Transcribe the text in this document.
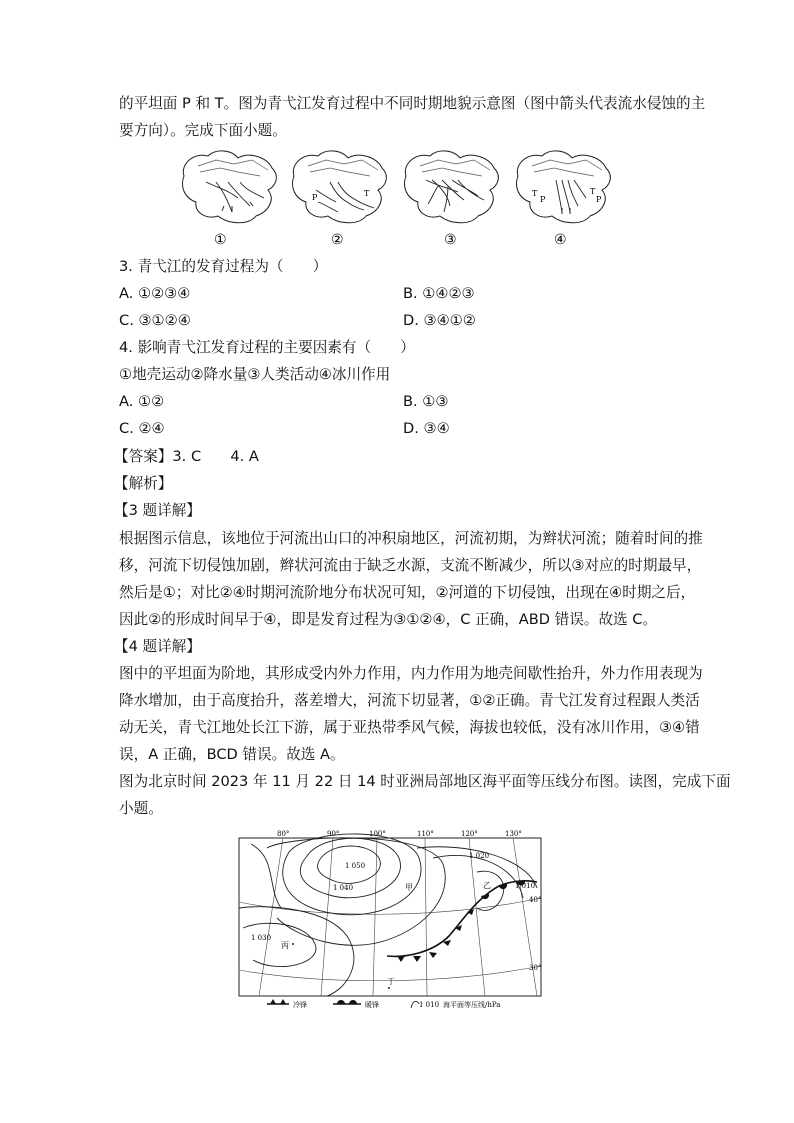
的平坦面 P 和 T。图为青弋江发育过程中不同时期地貌示意图（图中箭头代表流水侵蚀的主
要方向）。完成下面小题。
P	T	T
P
T
P
①	②	③	④
3. 青弋江的发育过程为（　　）
A. ①②③④	B. ①④②③
C. ③①②④	D. ③④①②
4. 影响青弋江发育过程的主要因素有（　　）
①地壳运动②降水量③人类活动④冰川作用
A. ①②	B. ①③
C. ②④	D. ③④
【答案】3. C　　4. A
【解析】
【3 题详解】
根据图示信息，该地位于河流出山口的冲积扇地区，河流初期，为辫状河流；随着时间的推
移，河流下切侵蚀加剧，辫状河流由于缺乏水源，支流不断减少，所以③对应的时期最早，
然后是①；对比②④时期河流阶地分布状况可知，②河道的下切侵蚀，出现在④时期之后，
因此②的形成时间早于④，即是发育过程为③①②④，C 正确，ABD 错误。故选 C。
【4 题详解】
图中的平坦面为阶地，其形成受内外力作用，内力作用为地壳间歇性抬升，外力作用表现为
降水增加，由于高度抬升，落差增大，河流下切显著，①②正确。青弋江发育过程跟人类活
动无关，青弋江地处长江下游，属于亚热带季风气候，海拔也较低，没有冰川作用，③④错
误，A 正确，BCD 错误。故选 A。
图为北京时间 2023 年 11 月 22 日 14 时亚洲局部地区海平面等压线分布图。读图，完成下面
小题。
80°	90°	100°	110°	120°	130°
40°
30°
1 050
1 040
1 030
1 020
1 010
甲	乙
丙
丁
冷锋	暖锋	1 010 海平面等压线/hPa
